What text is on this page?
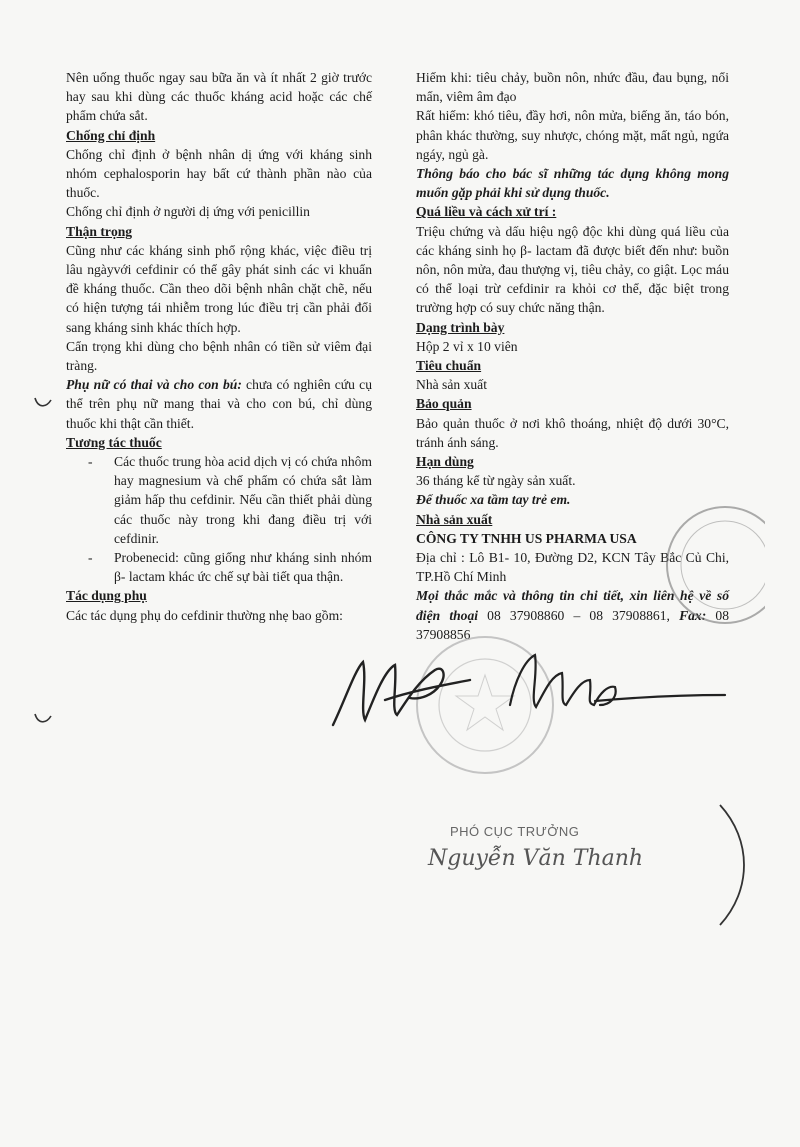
Nên uống thuốc ngay sau bữa ăn và ít nhất 2 giờ trước hay sau khi dùng các thuốc kháng acid hoặc các chế phẩm chứa sắt.

Chống chỉ định

Chống chỉ định ở bệnh nhân dị ứng với kháng sinh nhóm cephalosporin hay bất cứ thành phần nào của thuốc.

Chống chỉ định ở người dị ứng với penicillin

Thận trọng

Cũng như các kháng sinh phổ rộng khác, việc điều trị lâu ngàyvới cefdinir có thể gây phát sinh các vi khuẩn đề kháng thuốc. Cần theo dõi bệnh nhân chặt chẽ, nếu có hiện tượng tái nhiễm trong lúc điều trị cần phải đổi sang kháng sinh khác thích hợp.

Cẩn trọng khi dùng cho bệnh nhân có tiền sử viêm đại tràng.

Phụ nữ có thai và cho con bú: chưa có nghiên cứu cụ thể trên phụ nữ mang thai và cho con bú, chỉ dùng thuốc khi thật cần thiết.

Tương tác thuốc
- Các thuốc trung hòa acid dịch vị có chứa nhôm hay magnesium và chế phẩm có chứa sắt làm giảm hấp thu cefdinir. Nếu cần thiết phải dùng các thuốc này trong khi đang điều trị với cefdinir.
- Probenecid: cũng giống như kháng sinh nhóm β- lactam khác ức chế sự bài tiết qua thận.
Tác dụng phụ

Các tác dụng phụ do cefdinir thường nhẹ bao gồm:

Hiếm khi: tiêu chảy, buồn nôn, nhức đầu, đau bụng, nổi mẩn, viêm âm đạo

Rất hiếm: khó tiêu, đầy hơi, nôn mửa, biếng ăn, táo bón, phân khác thường, suy nhược, chóng mặt, mất ngủ, ngứa ngáy, ngủ gà.

Thông báo cho bác sĩ những tác dụng không mong muốn gặp phải khi sử dụng thuốc.

Quá liều và cách xử trí :

Triệu chứng và dấu hiệu ngộ độc khi dùng quá liều của các kháng sinh họ β- lactam đã được biết đến như: buồn nôn, nôn mửa, đau thượng vị, tiêu chảy, co giật. Lọc máu có thể loại trừ cefdinir ra khỏi cơ thể, đặc biệt trong trường hợp có suy chức năng thận.

Dạng trình bày

Hộp 2 vỉ x 10 viên

Tiêu chuẩn

Nhà sản xuất

Bảo quản

Bảo quản thuốc ở nơi khô thoáng, nhiệt độ dưới 30°C, tránh ánh sáng.

Hạn dùng

36 tháng kể từ ngày sản xuất.

Để thuốc xa tầm tay trẻ em.

Nhà sản xuất

CÔNG TY TNHH US PHARMA USA

Địa chỉ : Lô B1- 10, Đường D2, KCN Tây Bắc Củ Chi, TP.Hồ Chí Minh

Mọi thắc mắc và thông tin chi tiết, xin liên hệ về số điện thoại 08 37908860 – 08 37908861, Fax: 08 37908856

PHÓ CỤC TRƯỞNG
Nguyễn Văn Thanh
